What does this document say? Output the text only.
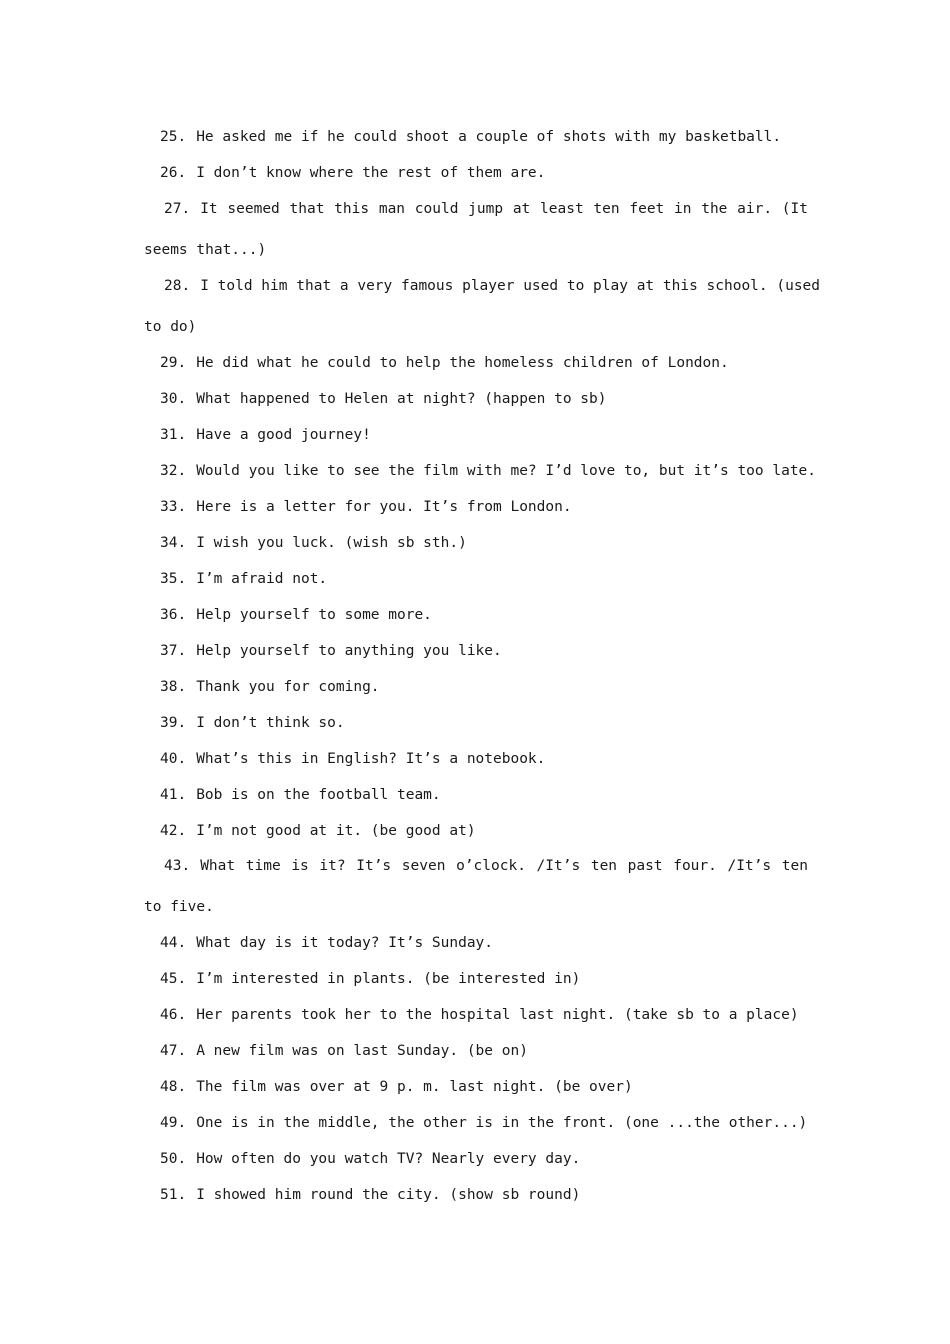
25. He asked me if he could shoot a couple of shots with my basketball.
26. I don’t know where the rest of them are.
27. It seemed that this man could jump at least ten feet in the air. (It
seems that...)
28. I told him that a very famous player used to play at this school. (used
to do)
29. He did what he could to help the homeless children of London.
30. What happened to Helen at night? (happen to sb)
31. Have a good journey!
32. Would you like to see the film with me? I’d love to, but it’s too late.
33. Here is a letter for you. It’s from London.
34. I wish you luck. (wish sb sth.)
35. I’m afraid not.
36. Help yourself to some more.
37. Help yourself to anything you like.
38. Thank you for coming.
39. I don’t think so.
40. What’s this in English? It’s a notebook.
41. Bob is on the football team.
42. I’m not good at it. (be good at)
43. What time is it? It’s seven o’clock. /It’s ten past four. /It’s ten
to five.
44. What day is it today? It’s Sunday.
45. I’m interested in plants. (be interested in)
46. Her parents took her to the hospital last night. (take sb to a place)
47. A new film was on last Sunday. (be on)
48. The film was over at 9 p. m. last night. (be over)
49. One is in the middle, the other is in the front. (one ...the other...)
50. How often do you watch TV? Nearly every day.
51. I showed him round the city. (show sb round)
